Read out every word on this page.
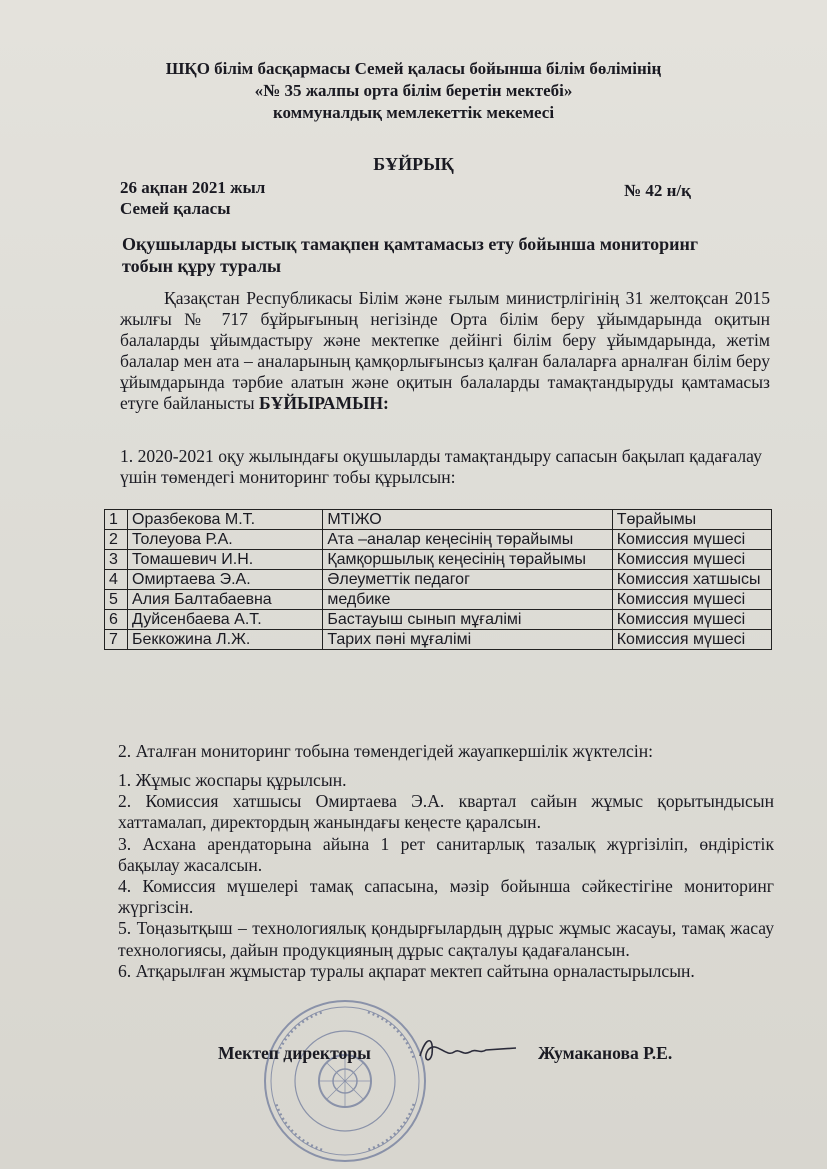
ШҚО білім басқармасы Семей қаласы бойынша білім бөлімінің
«№ 35 жалпы орта білім беретін мектебі»
коммуналдық мемлекеттік мекемесі
БҰЙРЫҚ
26 ақпан 2021 жыл	№ 42 н/қ
Семей қаласы
Оқушыларды ыстық тамақпен қамтамасыз ету бойынша мониторинг
тобын құру туралы
Қазақстан Республикасы Білім және ғылым министрлігінің 31 желтоқсан 2015 жылғы № 717 бұйрығының негізінде Орта білім беру ұйымдарында оқитын балаларды ұйымдастыру және мектепке дейінгі білім беру ұйымдарында, жетім балалар мен ата – аналарының қамқорлығынсыз қалған балаларға арналған білім беру ұйымдарында тәрбие алатын және оқитын балаларды тамақтандыруды қамтамасыз етуге байланысты БҰЙЫРАМЫН:
1. 2020-2021 оқу жылындағы оқушыларды тамақтандыру сапасын бақылап қадағалау үшін төмендегі мониторинг тобы құрылсын:
1	Оразбекова М.Т.	МТІЖО	Төрайымы
2	Толеуова Р.А.	Ата –аналар кеңесінің төрайымы	Комиссия мүшесі
3	Томашевич И.Н.	Қамқоршылық кеңесінің төрайымы	Комиссия мүшесі
4	Омиртаева Э.А.	Әлеуметтік педагог	Комиссия хатшысы
5	Алия Балтабаевна	медбике	Комиссия мүшесі
6	Дуйсенбаева А.Т.	Бастауыш сынып мұғалімі	Комиссия мүшесі
7	Беккожина Л.Ж.	Тарих пәні мұғалімі	Комиссия мүшесі
2. Аталған мониторинг тобына төмендегідей жауапкершілік жүктелсін:
1. Жұмыс жоспары құрылсын.
2. Комиссия хатшысы Омиртаева Э.А. квартал сайын жұмыс қорытындысын хаттамалап, директордың жанындағы кеңесте қаралсын.
3. Асхана арендаторына айына 1 рет санитарлық тазалық жүргізіліп, өндірістік бақылау жасалсын.
4. Комиссия мүшелері тамақ сапасына, мәзір бойынша сәйкестігіне мониторинг жүргізсін.
5. Тоңазытқыш – технологиялық қондырғылардың дұрыс жұмыс жасауы, тамақ жасау технологиясы, дайын продукцияның дұрыс сақталуы қадағалансын.
6. Атқарылған жұмыстар туралы ақпарат мектеп сайтына орналастырылсын.
Мектеп директоры	Жумаканова Р.Е.
